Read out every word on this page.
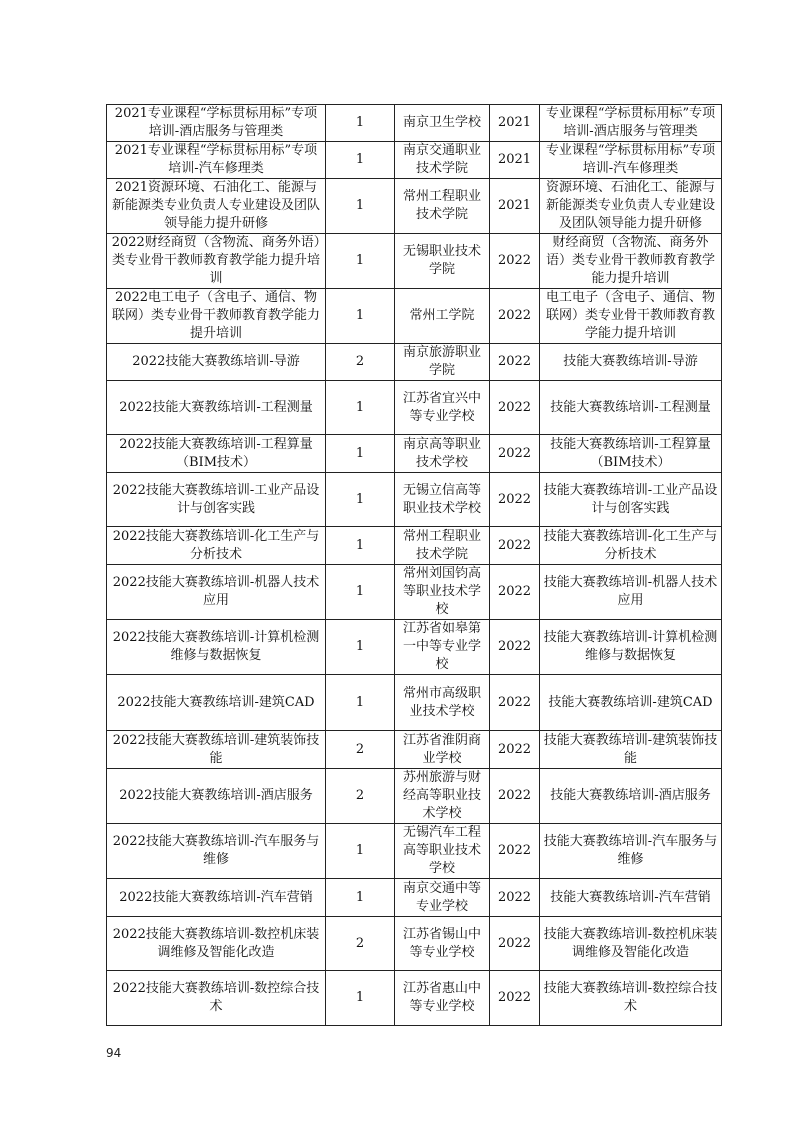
2021专业课程“学标贯标用标”专项培训-酒店服务与管理类	1	南京卫生学校	2021	专业课程“学标贯标用标”专项培训-酒店服务与管理类
2021专业课程“学标贯标用标”专项培训-汽车修理类	1	南京交通职业技术学院	2021	专业课程“学标贯标用标”专项培训-汽车修理类
2021资源环境、石油化工、能源与新能源类专业负责人专业建设及团队领导能力提升研修	1	常州工程职业技术学院	2021	资源环境、石油化工、能源与新能源类专业负责人专业建设及团队领导能力提升研修
2022财经商贸（含物流、商务外语）类专业骨干教师教育教学能力提升培训	1	无锡职业技术学院	2022	财经商贸（含物流、商务外语）类专业骨干教师教育教学能力提升培训
2022电工电子（含电子、通信、物联网）类专业骨干教师教育教学能力提升培训	1	常州工学院	2022	电工电子（含电子、通信、物联网）类专业骨干教师教育教学能力提升培训
2022技能大赛教练培训-导游	2	南京旅游职业学院	2022	技能大赛教练培训-导游
2022技能大赛教练培训-工程测量	1	江苏省宜兴中等专业学校	2022	技能大赛教练培训-工程测量
2022技能大赛教练培训-工程算量（BIM技术）	1	南京高等职业技术学校	2022	技能大赛教练培训-工程算量（BIM技术）
2022技能大赛教练培训-工业产品设计与创客实践	1	无锡立信高等职业技术学校	2022	技能大赛教练培训-工业产品设计与创客实践
2022技能大赛教练培训-化工生产与分析技术	1	常州工程职业技术学院	2022	技能大赛教练培训-化工生产与分析技术
2022技能大赛教练培训-机器人技术应用	1	常州刘国钧高等职业技术学校	2022	技能大赛教练培训-机器人技术应用
2022技能大赛教练培训-计算机检测维修与数据恢复	1	江苏省如皋第一中等专业学校	2022	技能大赛教练培训-计算机检测维修与数据恢复
2022技能大赛教练培训-建筑CAD	1	常州市高级职业技术学校	2022	技能大赛教练培训-建筑CAD
2022技能大赛教练培训-建筑装饰技能	2	江苏省淮阴商业学校	2022	技能大赛教练培训-建筑装饰技能
2022技能大赛教练培训-酒店服务	2	苏州旅游与财经高等职业技术学校	2022	技能大赛教练培训-酒店服务
2022技能大赛教练培训-汽车服务与维修	1	无锡汽车工程高等职业技术学校	2022	技能大赛教练培训-汽车服务与维修
2022技能大赛教练培训-汽车营销	1	南京交通中等专业学校	2022	技能大赛教练培训-汽车营销
2022技能大赛教练培训-数控机床装调维修及智能化改造	2	江苏省锡山中等专业学校	2022	技能大赛教练培训-数控机床装调维修及智能化改造
2022技能大赛教练培训-数控综合技术	1	江苏省惠山中等专业学校	2022	技能大赛教练培训-数控综合技术
94
